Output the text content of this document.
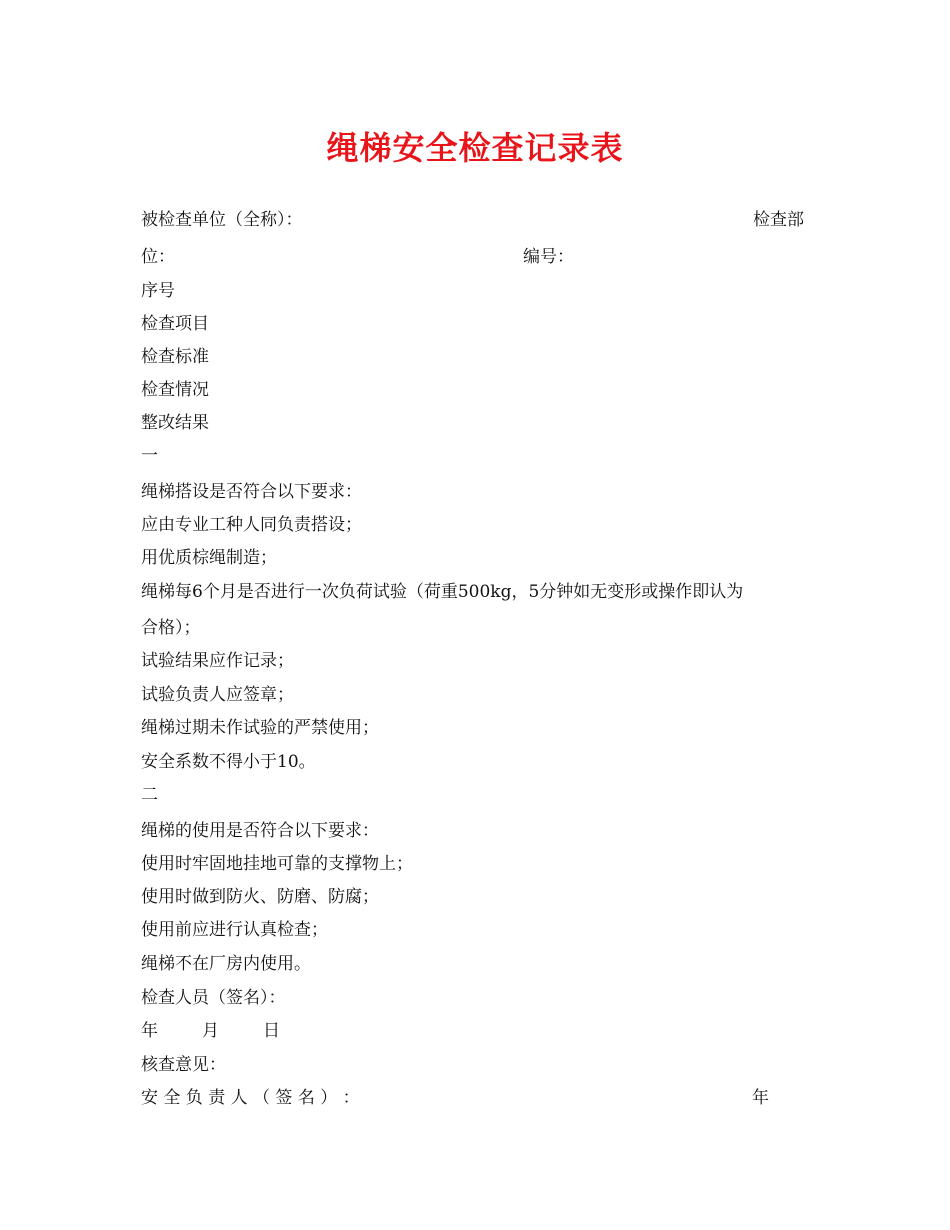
绳梯安全检查记录表
被检查单位（全称）：	检查部
位：	编号：
序号
检查项目
检查标准
检查情况
整改结果
一
绳梯搭设是否符合以下要求：
应由专业工种人同负责搭设；
用优质棕绳制造；
绳梯每6个月是否进行一次负荷试验（荷重500kg，5分钟如无变形或操作即认为
合格）；
试验结果应作记录；
试验负责人应签章；
绳梯过期未作试验的严禁使用；
安全系数不得小于10。
二
绳梯的使用是否符合以下要求：
使用时牢固地挂地可靠的支撑物上；
使用时做到防火、防磨、防腐；
使用前应进行认真检查；
绳梯不在厂房内使用。
检查人员（签名）：
年	月	日
核查意见：
安 全 负 责 人 （ 签 名 ） ：	年
